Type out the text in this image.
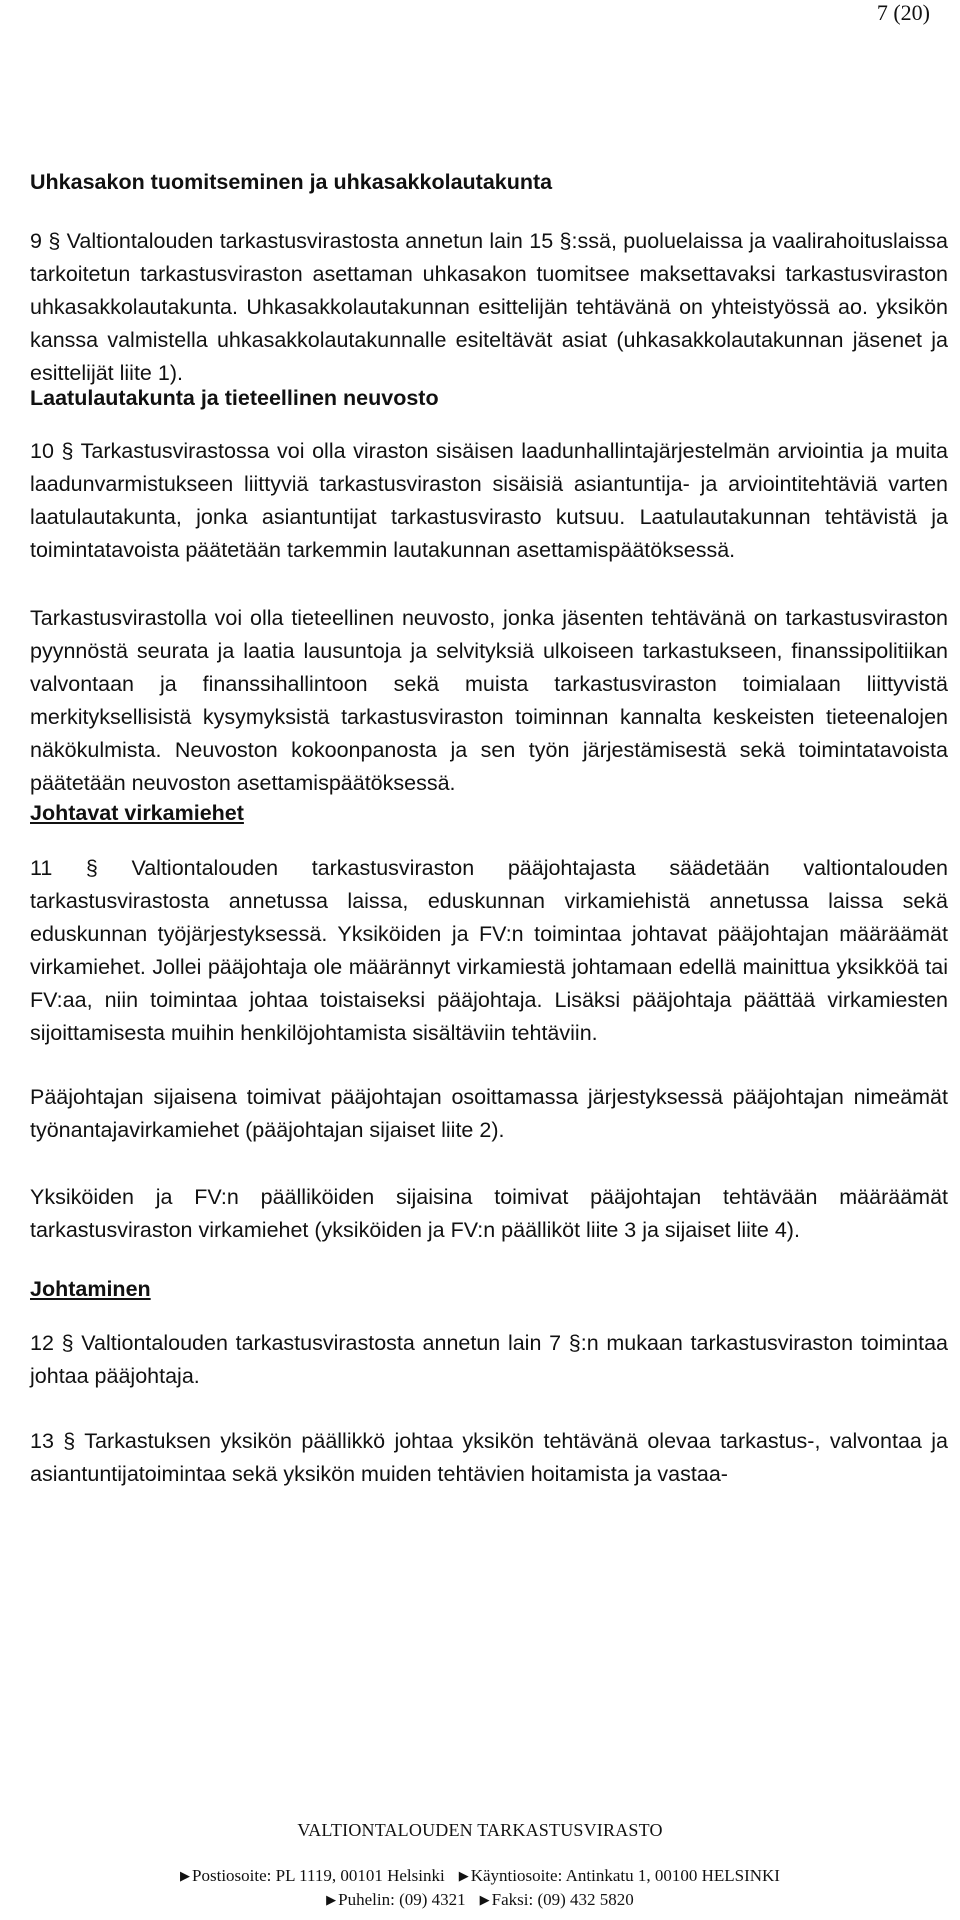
7 (20)

Uhkasakon tuomitseminen ja uhkasakkolautakunta

9 § Valtiontalouden tarkastusvirastosta annetun lain 15 §:ssä, puoluelaissa ja vaalirahoituslaissa tarkoitetun tarkastusviraston asettaman uhkasakon tuomitsee maksettavaksi tarkastusviraston uhkasakkolautakunta. Uhkasakkolautakunnan esittelijän tehtävänä on yhteistyössä ao. yksikön kanssa valmistella uhkasakkolautakunnalle esiteltävät asiat (uhkasakkolautakunnan jäsenet ja esittelijät liite 1).

Laatulautakunta ja tieteellinen neuvosto

10 § Tarkastusvirastossa voi olla viraston sisäisen laadunhallintajärjestelmän arviointia ja muita laadunvarmistukseen liittyviä tarkastusviraston sisäisiä asiantuntija- ja arviointitehtäviä varten laatulautakunta, jonka asiantuntijat tarkastusvirasto kutsuu. Laatulautakunnan tehtävistä ja toimintatavoista päätetään tarkemmin lautakunnan asettamispäätöksessä.

Tarkastusvirastolla voi olla tieteellinen neuvosto, jonka jäsenten tehtävänä on tarkastusviraston pyynnöstä seurata ja laatia lausuntoja ja selvityksiä ulkoiseen tarkastukseen, finanssipolitiikan valvontaan ja finanssihallintoon sekä muista tarkastusviraston toimialaan liittyvistä merkityksellisistä kysymyksistä tarkastusviraston toiminnan kannalta keskeisten tieteenalojen näkökulmista. Neuvoston kokoonpanosta ja sen työn järjestämisestä sekä toimintatavoista päätetään neuvoston asettamispäätöksessä.

Johtavat virkamiehet

11 § Valtiontalouden tarkastusviraston pääjohtajasta säädetään valtiontalouden tarkastusvirastosta annetussa laissa, eduskunnan virkamiehistä annetussa laissa sekä eduskunnan työjärjestyksessä. Yksiköiden ja FV:n toimintaa johtavat pääjohtajan määräämät virkamiehet. Jollei pääjohtaja ole määrännyt virkamiestä johtamaan edellä mainittua yksikköä tai FV:aa, niin toimintaa johtaa toistaiseksi pääjohtaja. Lisäksi pääjohtaja päättää virkamiesten sijoittamisesta muihin henkilöjohtamista sisältäviin tehtäviin.

Pääjohtajan sijaisena toimivat pääjohtajan osoittamassa järjestyksessä pääjohtajan nimeämät työnantajavirkamiehet (pääjohtajan sijaiset liite 2).

Yksiköiden ja FV:n päälliköiden sijaisina toimivat pääjohtajan tehtävään määräämät tarkastusviraston virkamiehet (yksiköiden ja FV:n päälliköt liite 3 ja sijaiset liite 4).

Johtaminen

12 § Valtiontalouden tarkastusvirastosta annetun lain 7 §:n mukaan tarkastusviraston toimintaa johtaa pääjohtaja.

13 § Tarkastuksen yksikön päällikkö johtaa yksikön tehtävänä olevaa tarkastus-, valvontaa ja asiantuntijatoimintaa sekä yksikön muiden tehtävien hoitamista ja vastaa-

VALTIONTALOUDEN TARKASTUSVIRASTO
▶ Postiosoite: PL 1119, 00101 Helsinki ▶ Käyntiosoite: Antinkatu 1, 00100 HELSINKI
▶ Puhelin: (09) 4321 ▶ Faksi: (09) 432 5820
